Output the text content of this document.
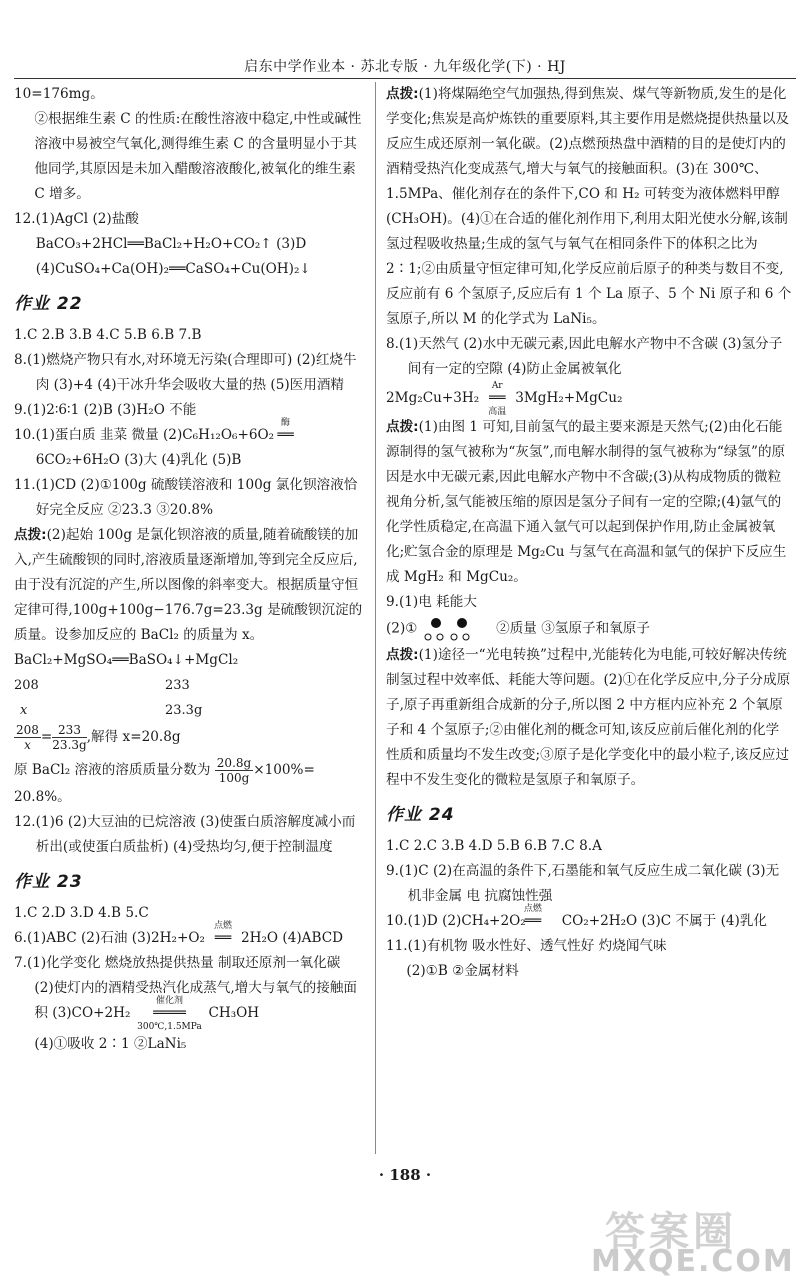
启东中学作业本 · 苏北专版 · 九年级化学(下) · HJ

10=176mg。

②根据维生素 C 的性质:在酸性溶液中稳定,中性或碱性溶液中易被空气氧化,测得维生素 C 的含量明显小于其他同学,其原因是未加入醋酸溶液酸化,被氧化的维生素 C 增多。

12.(1)AgCl (2)盐酸 BaCO₃+2HCl══BaCl₂+H₂O+CO₂↑ (3)D (4)CuSO₄+Ca(OH)₂══CaSO₄+Cu(OH)₂↓

作业 22

1.C 2.B 3.B 4.C 5.B 6.B 7.B

8.(1)燃烧产物只有水,对环境无污染(合理即可) (2)红烧牛肉 (3)+4 (4)干冰升华会吸收大量的热 (5)医用酒精

9.(1)2∶6∶1 (2)B (3)H₂O 不能

10.(1)蛋白质 韭菜 微量 (2)C₆H₁₂O₆+6O₂
酶
══ 6CO₂+6H₂O (3)大 (4)乳化 (5)B

11.(1)CD (2)①100g 硫酸镁溶液和 100g 氯化钡溶液恰好完全反应 ②23.3 ③20.8%

点拨:(2)起始 100g 是氯化钡溶液的质量,随着硫酸镁的加入,产生硫酸钡的同时,溶液质量逐渐增加,等到完全反应后,由于没有沉淀的产生,所以图像的斜率变大。根据质量守恒定律可得,100g+100g−176.7g=23.3g 是硫酸钡沉淀的质量。设参加反应的 BaCl₂ 的质量为 x。

BaCl₂+MgSO₄══BaSO₄↓+MgCl₂

208	233
x	23.3g

$\frac{208}{x} = \frac{233}{23.3g}$ ,解得 x=20.8g

原 BaCl₂ 溶液的溶质质量分数为 $\frac{20.8g}{100g} \times 100\%=$

20.8%。

12.(1)6 (2)大豆油的已烷溶液 (3)使蛋白质溶解度减小而析出(或使蛋白质盐析) (4)受热均匀,便于控制温度

作业 23

1.C 2.D 3.D 4.B 5.C

6.(1)ABC (2)石油 (3)2H₂+O₂
点燃
══ 2H₂O (4)ABCD

7.(1)化学变化 燃烧放热提供热量 制取还原剂一氧化碳

(2)使灯内的酒精受热汽化成蒸气,增大与氧气的接触面积 (3)CO+2H₂
催化剂
════
300℃,1.5MPa
CH₃OH

(4)①吸收 2∶1 ②LaNi₅

点拨:(1)将煤隔绝空气加强热,得到焦炭、煤气等新物质,发生的是化学变化;焦炭是高炉炼铁的重要原料,其主要作用是燃烧提供热量以及反应生成还原剂一氧化碳。(2)点燃预热盘中酒精的目的是使灯内的酒精受热汽化变成蒸气,增大与氧气的接触面积。(3)在 300℃、1.5MPa、催化剂存在的条件下,CO 和 H₂ 可转变为液体燃料甲醇(CH₃OH)。(4)①在合适的催化剂作用下,利用太阳光使水分解,该制氢过程吸收热量;生成的氢气与氧气在相同条件下的体积之比为 2∶1;②由质量守恒定律可知,化学反应前后原子的种类与数目不变,反应前有 6 个氢原子,反应后有 1 个 La 原子、5 个 Ni 原子和 6 个氢原子,所以 M 的化学式为 LaNi₅。

8.(1)天然气 (2)水中无碳元素,因此电解水产物中不含碳 (3)氢分子间有一定的空隙 (4)防止金属被氧化

2Mg₂Cu+3H₂
Ar
══
高温
3MgH₂+MgCu₂

点拨:(1)由图 1 可知,目前氢气的最主要来源是天然气;(2)由化石能源制得的氢气被称为“灰氢”,而电解水制得的氢气被称为“绿氢”的原因是水中无碳元素,因此电解水产物中不含碳;(3)从构成物质的微粒视角分析,氢气能被压缩的原因是氢分子间有一定的空隙;(4)氩气的化学性质稳定,在高温下通入氩气可以起到保护作用,防止金属被氧化;贮氢合金的原理是 Mg₂Cu 与氢气在高温和氩气的保护下反应生成 MgH₂ 和 MgCu₂。

9.(1)电 耗能大

(2)①	②质量 ③氢原子和氧原子

点拨:(1)途径一“光电转换”过程中,光能转化为电能,可较好解决传统制氢过程中效率低、耗能大等问题。(2)①在化学反应中,分子分成原子,原子再重新组合成新的分子,所以图 2 中方框内应补充 2 个氧原子和 4 个氢原子;②由催化剂的概念可知,该反应前后催化剂的化学性质和质量均不发生改变;③原子是化学变化中的最小粒子,该反应过程中不发生变化的微粒是氢原子和氧原子。

作业 24

1.C 2.C 3.B 4.D 5.B 6.B 7.C 8.A

9.(1)C (2)在高温的条件下,石墨能和氧气反应生成二氧化碳 (3)无机非金属 电 抗腐蚀性强

10.(1)D (2)CH₄+2O₂
点燃
══ CO₂+2H₂O (3)C 不属于 (4)乳化

11.(1)有机物 吸水性好、透气性好 灼烧闻气味

(2)①B ②金属材料

· 188 ·
答案圈
MXQE.COM
